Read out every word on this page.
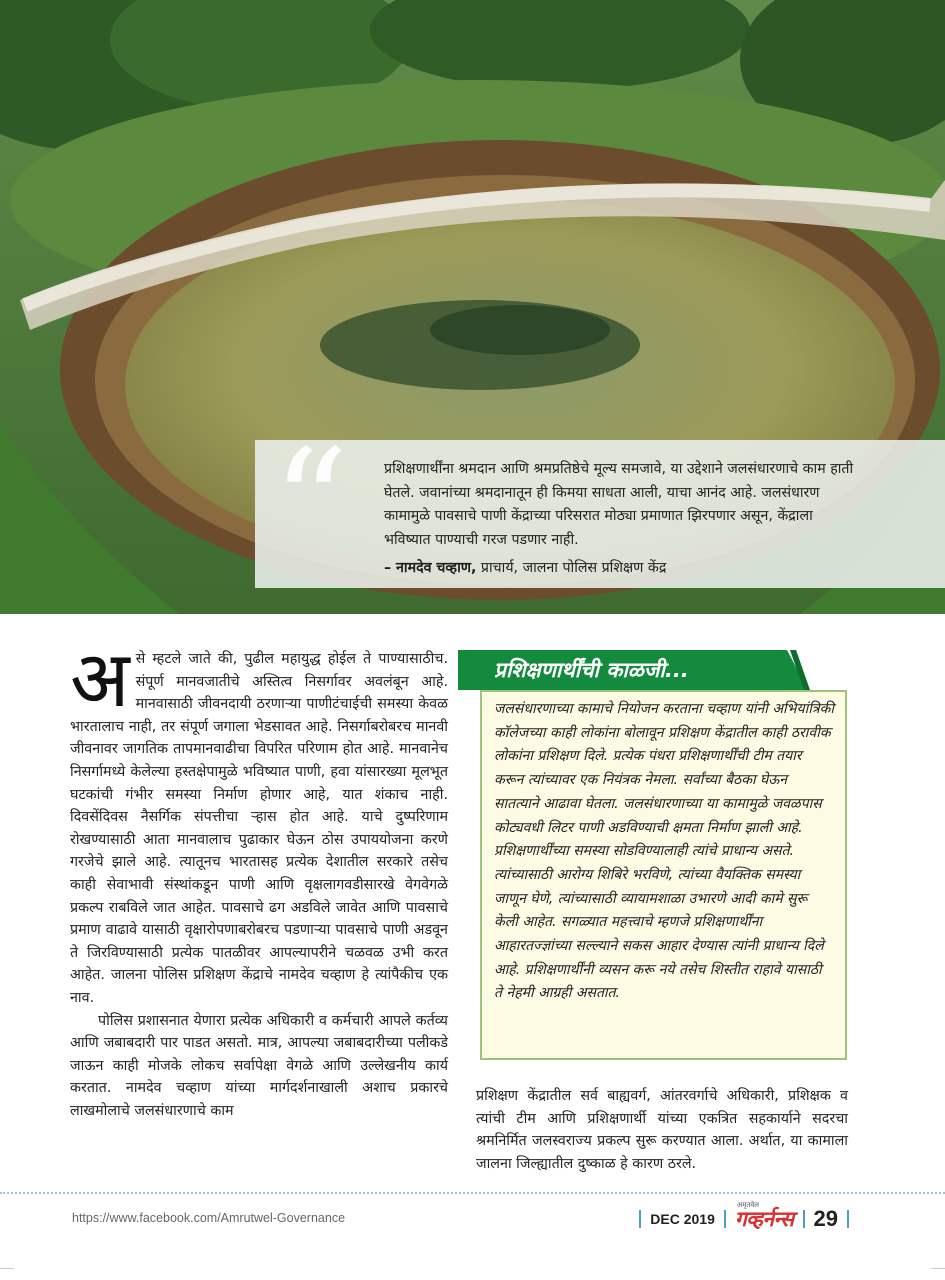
“ प्रशिक्षणार्थींना श्रमदान आणि श्रमप्रतिष्ठेचे मूल्य समजावे, या उद्देशाने जलसंधारणाचे काम हाती घेतले. जवानांच्या श्रमदानातून ही किमया साधता आली, याचा आनंद आहे. जलसंधारण कामामुळे पावसाचे पाणी केंद्राच्या परिसरात मोठ्या प्रमाणात झिरपणार असून, केंद्राला भविष्यात पाण्याची गरज पडणार नाही.
– नामदेव चव्हाण, प्राचार्य, जालना पोलिस प्रशिक्षण केंद्र

असे म्हटले जाते की, पुढील महायुद्ध होईल ते पाण्यासाठीच. संपूर्ण मानवजातीचे अस्तित्व निसर्गावर अवलंबून आहे. मानवासाठी जीवनदायी ठरणाऱ्या पाणीटंचाईची समस्या केवळ भारतालाच नाही, तर संपूर्ण जगाला भेडसावत आहे. निसर्गाबरोबरच मानवी जीवनावर जागतिक तापमानवाढीचा विपरित परिणाम होत आहे. मानवानेच निसर्गामध्ये केलेल्या हस्तक्षेपामुळे भविष्यात पाणी, हवा यांसारख्या मूलभूत घटकांची गंभीर समस्या निर्माण होणार आहे, यात शंकाच नाही. दिवसेंदिवस नैसर्गिक संपत्तीचा ऱ्हास होत आहे. याचे दुष्परिणाम रोखण्यासाठी आता मानवालाच पुढाकार घेऊन ठोस उपाययोजना करणे गरजेचे झाले आहे. त्यातूनच भारतासह प्रत्येक देशातील सरकारे तसेच काही सेवाभावी संस्थांकडून पाणी आणि वृक्षलागवडीसारखे वेगवेगळे प्रकल्प राबविले जात आहेत. पावसाचे ढग अडविले जावेत आणि पावसाचे प्रमाण वाढावे यासाठी वृक्षारोपणाबरोबरच पडणाऱ्या पावसाचे पाणी अडवून ते जिरविण्यासाठी प्रत्येक पातळीवर आपल्यापरीने चळवळ उभी करत आहेत. जालना पोलिस प्रशिक्षण केंद्राचे नामदेव चव्हाण हे त्यांपैकीच एक नाव.

पोलिस प्रशासनात येणारा प्रत्येक अधिकारी व कर्मचारी आपले कर्तव्य आणि जबाबदारी पार पाडत असतो. मात्र, आपल्या जबाबदारीच्या पलीकडे जाऊन काही मोजके लोकच सर्वापेक्षा वेगळे आणि उल्लेखनीय कार्य करतात. नामदेव चव्हाण यांच्या मार्गदर्शनाखाली अशाच प्रकारचे लाखमोलाचे जलसंधारणाचे काम

प्रशिक्षणार्थींची काळजी...
जलसंधारणाच्या कामाचे नियोजन करताना चव्हाण यांनी अभियांत्रिकी कॉलेजच्या काही लोकांना बोलावून प्रशिक्षण केंद्रातील काही ठरावीक लोकांना प्रशिक्षण दिले. प्रत्येक पंधरा प्रशिक्षणार्थींची टीम तयार करून त्यांच्यावर एक नियंत्रक नेमला. सर्वांच्या बैठका घेऊन सातत्याने आढावा घेतला. जलसंधारणाच्या या कामामुळे जवळपास कोट्यवधी लिटर पाणी अडविण्याची क्षमता निर्माण झाली आहे. प्रशिक्षणार्थींच्या समस्या सोडविण्यालाही त्यांचे प्राधान्य असते. त्यांच्यासाठी आरोग्य शिबिरे भरविणे, त्यांच्या वैयक्तिक समस्या जाणून घेणे, त्यांच्यासाठी व्यायामशाळा उभारणे आदी कामे सुरू केली आहेत. सगळ्यात महत्त्वाचे म्हणजे प्रशिक्षणार्थींना आहारतज्ज्ञांच्या सल्ल्याने सकस आहार देण्यास त्यांनी प्राधान्य दिले आहे. प्रशिक्षणार्थींनी व्यसन करू नये तसेच शिस्तीत राहावे यासाठी ते नेहमी आग्रही असतात.
प्रशिक्षण केंद्रातील सर्व बाह्यवर्ग, आंतरवर्गाचे अधिकारी, प्रशिक्षक व त्यांची टीम आणि प्रशिक्षणार्थी यांच्या एकत्रित सहकार्याने सदरचा श्रमनिर्मित जलस्वराज्य प्रकल्प सुरू करण्यात आला. अर्थात, या कामाला जालना जिल्ह्यातील दुष्काळ हे कारण ठरले.
https://www.facebook.com/Amrutwel-Governance	DEC 2019
अमृतवेल
गव्हर्नन्स 29
